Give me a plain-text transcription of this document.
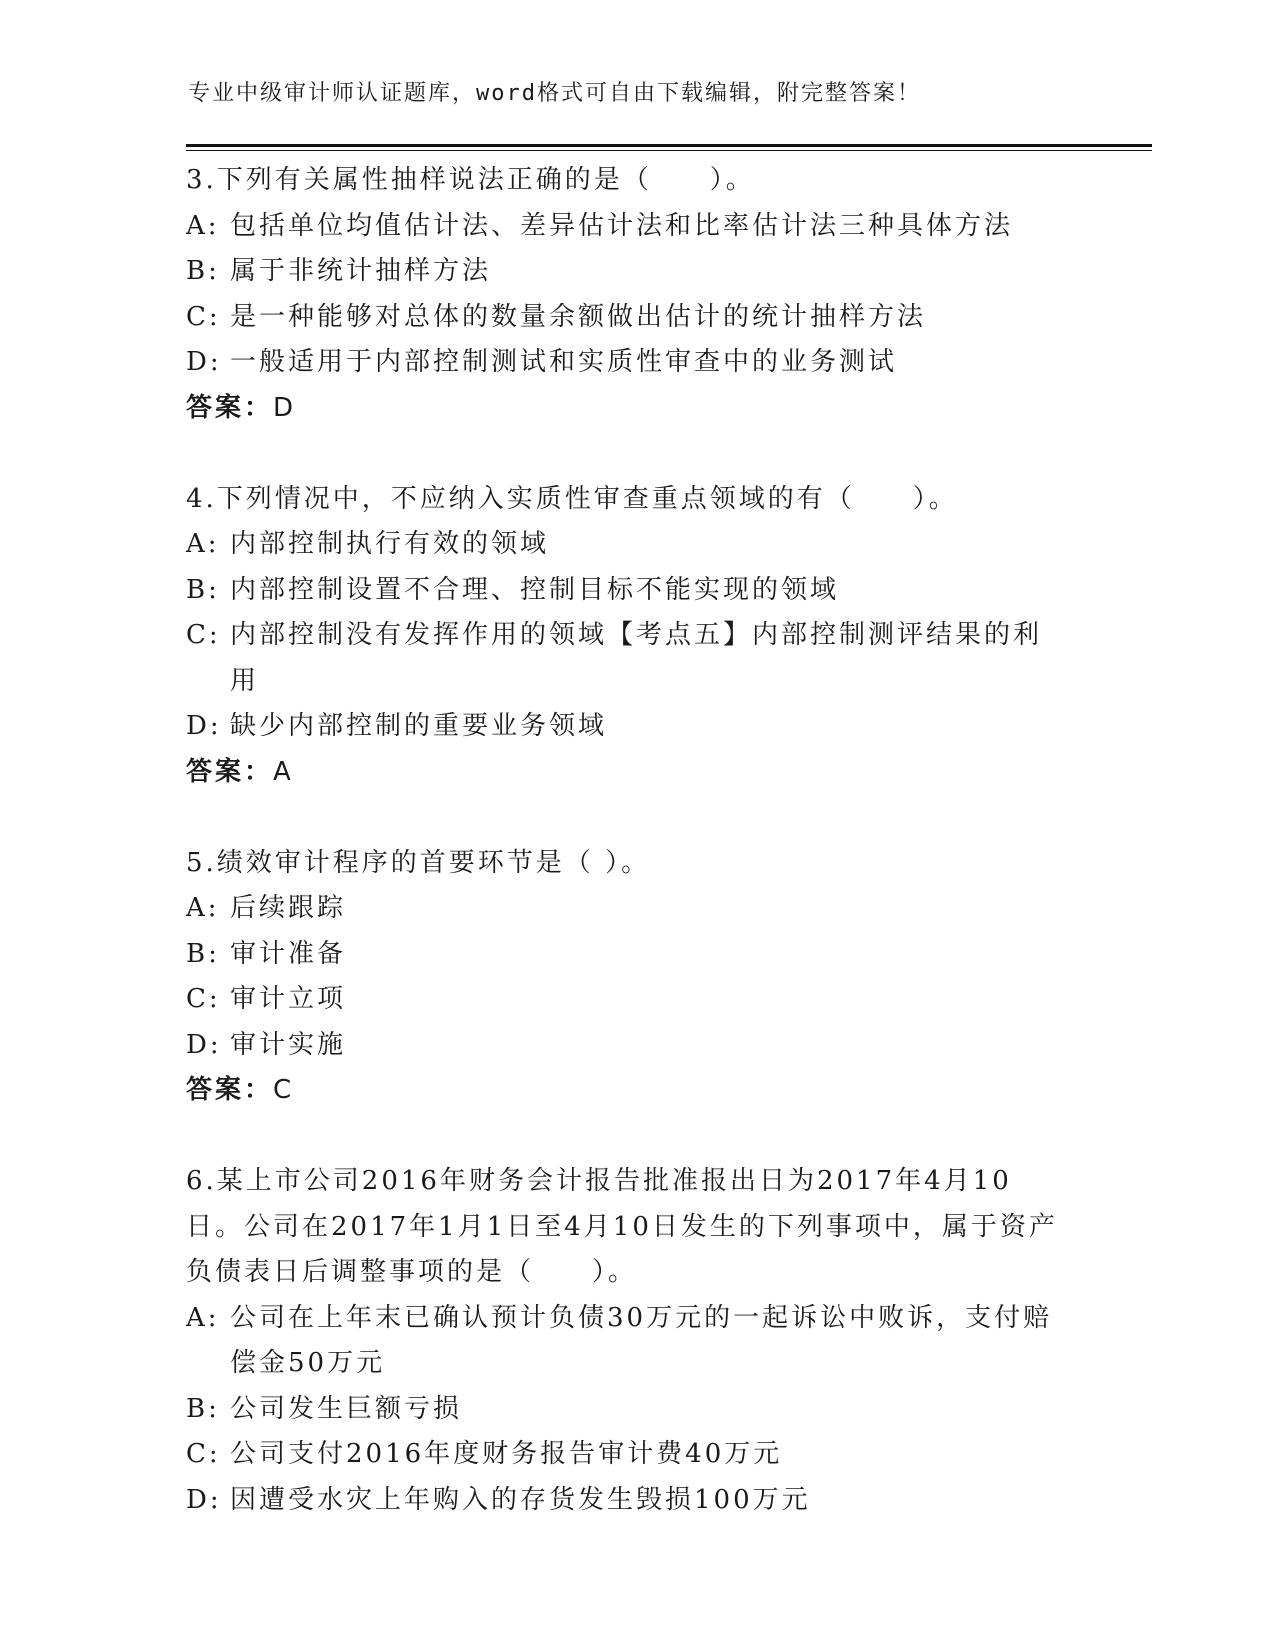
专业中级审计师认证题库，word格式可自由下载编辑，附完整答案！
3.下列有关属性抽样说法正确的是（　　）。
A: 包括单位均值估计法、差异估计法和比率估计法三种具体方法
B: 属于非统计抽样方法
C: 是一种能够对总体的数量余额做出估计的统计抽样方法
D: 一般适用于内部控制测试和实质性审查中的业务测试
答案：D
4.下列情况中，不应纳入实质性审查重点领域的有（　　）。
A: 内部控制执行有效的领域
B: 内部控制设置不合理、控制目标不能实现的领域
C: 内部控制没有发挥作用的领域【考点五】内部控制测评结果的利用
D: 缺少内部控制的重要业务领域
答案：A
5.绩效审计程序的首要环节是（ ）。
A: 后续跟踪
B: 审计准备
C: 审计立项
D: 审计实施
答案：C
6.某上市公司2016年财务会计报告批准报出日为2017年4月10日。公司在2017年1月1日至4月10日发生的下列事项中，属于资产负债表日后调整事项的是（　　）。
A: 公司在上年末已确认预计负债30万元的一起诉讼中败诉，支付赔偿金50万元
B: 公司发生巨额亏损
C: 公司支付2016年度财务报告审计费40万元
D: 因遭受水灾上年购入的存货发生毁损100万元
